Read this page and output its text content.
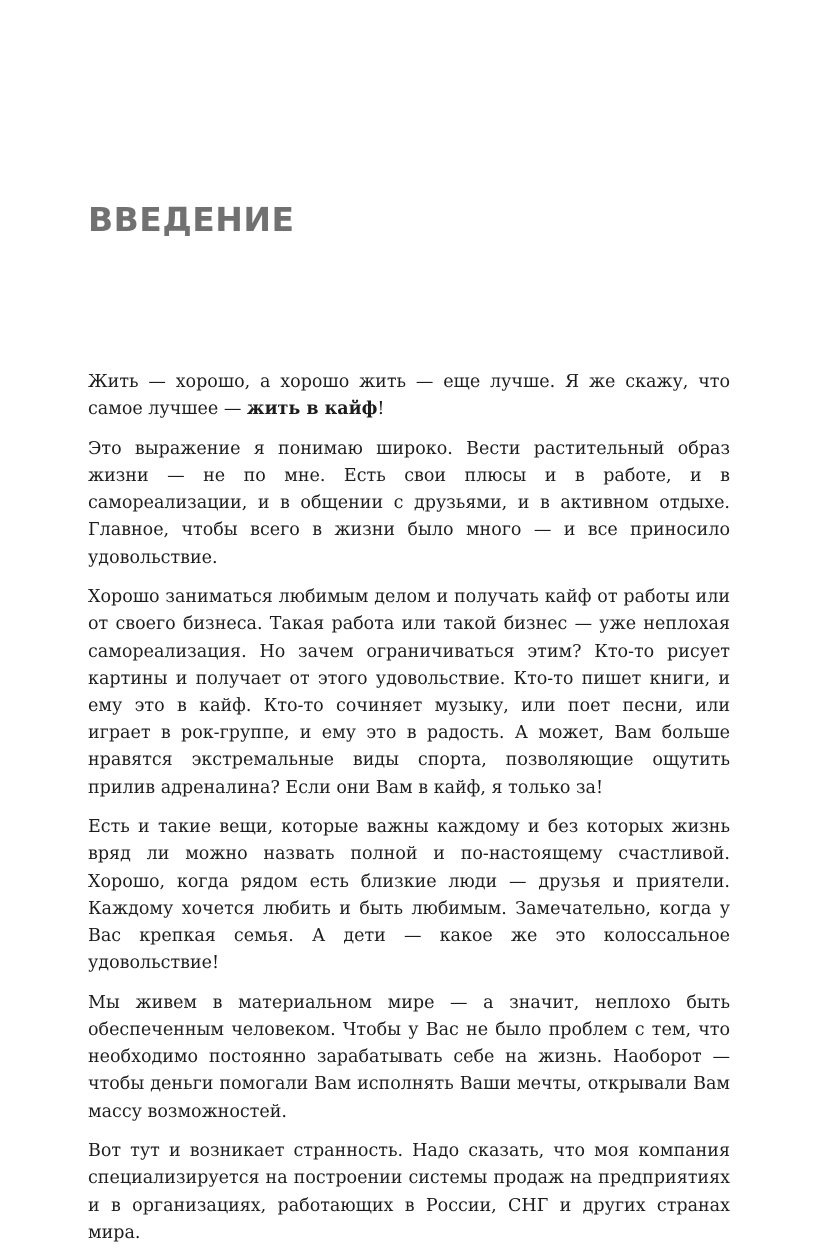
ВВЕДЕНИЕ

Жить — хорошо, а хорошо жить — еще лучше. Я же скажу, что самое лучшее — жить в кайф!

Это выражение я понимаю широко. Вести растительный образ жизни — не по мне. Есть свои плюсы и в работе, и в самореализации, и в общении с друзьями, и в активном отдыхе. Главное, чтобы всего в жизни было много — и все приносило удовольствие.

Хорошо заниматься любимым делом и получать кайф от работы или от своего бизнеса. Такая работа или такой бизнес — уже неплохая самореализация. Но зачем ограничиваться этим? Кто-то рисует картины и получает от этого удовольствие. Кто-то пишет книги, и ему это в кайф. Кто-то сочиняет музыку, или поет песни, или играет в рок-группе, и ему это в радость. А может, Вам больше нравятся экстремальные виды спорта, позволяющие ощутить прилив адреналина? Если они Вам в кайф, я только за!

Есть и такие вещи, которые важны каждому и без которых жизнь вряд ли можно назвать полной и по-настоящему счастливой. Хорошо, когда рядом есть близкие люди — друзья и приятели. Каждому хочется любить и быть любимым. Замечательно, когда у Вас крепкая семья. А дети — какое же это колоссальное удовольствие!

Мы живем в материальном мире — а значит, неплохо быть обеспеченным человеком. Чтобы у Вас не было проблем с тем, что необходимо постоянно зарабатывать себе на жизнь. Наоборот — чтобы деньги помогали Вам исполнять Ваши мечты, открывали Вам массу возможностей.

Вот тут и возникает странность. Надо сказать, что моя компания специализируется на построении системы продаж на предприятиях и в организациях, работающих в России, СНГ и других странах мира.
